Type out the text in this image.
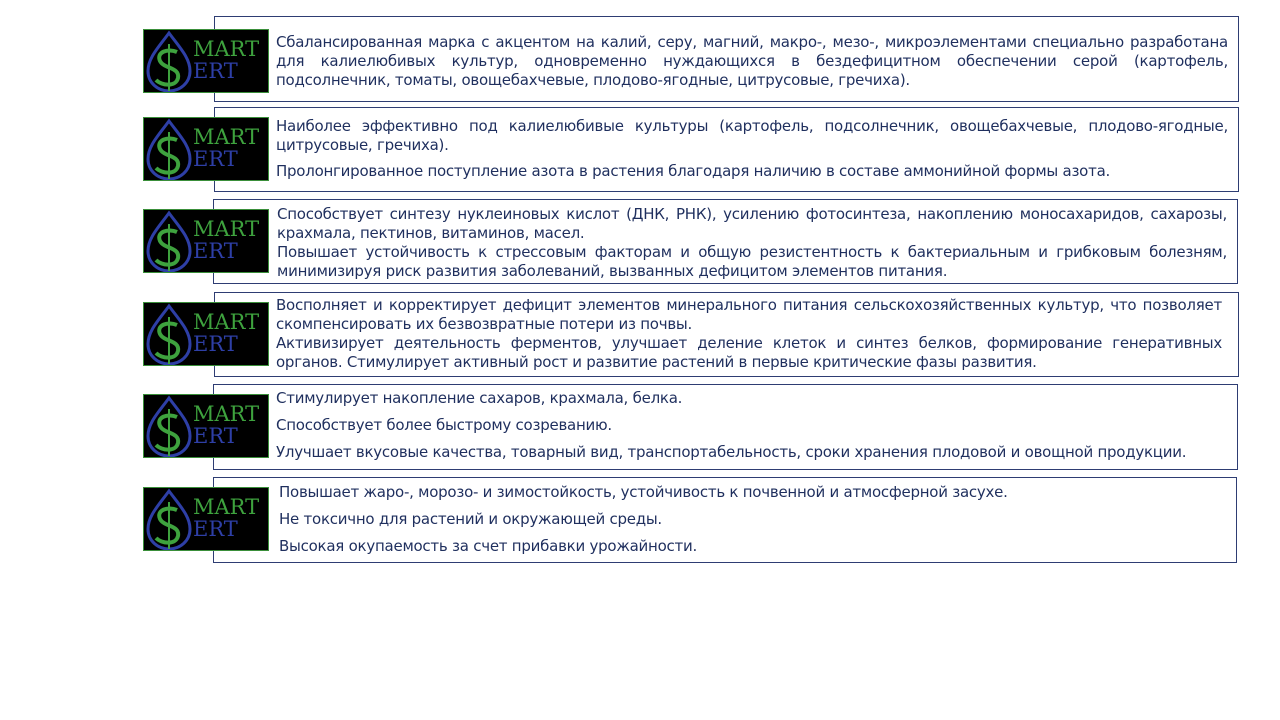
Сбалансированная марка с акцентом на калий, серу, магний, макро-, мезо-, микроэлементами специально разработана для калиелюбивых культур, одновременно нуждающихся в бездефицитном обеспечении серой (картофель, подсолнечник, томаты, овощебахчевые, плодово-ягодные, цитрусовые, гречиха).

MART
ERT

Наиболее эффективно под калиелюбивые культуры (картофель, подсолнечник, овощебахчевые, плодово-ягодные, цитрусовые, гречиха).

Пролонгированное поступление азота в растения благодаря наличию в составе аммонийной формы азота.

MART
ERT

Способствует синтезу нуклеиновых кислот (ДНК, РНК), усилению фотосинтеза, накоплению моносахаридов, сахарозы, крахмала, пектинов, витаминов, масел.

Повышает устойчивость к стрессовым факторам и общую резистентность к бактериальным и грибковым болезням, минимизируя риск развития заболеваний, вызванных дефицитом элементов питания.

MART
ERT

Восполняет и корректирует дефицит элементов минерального питания сельскохозяйственных культур, что позволяет скомпенсировать их безвозвратные потери из почвы.

Активизирует деятельность ферментов, улучшает деление клеток и синтез белков, формирование генеративных органов. Стимулирует активный рост и развитие растений в первые критические фазы развития.

MART
ERT

Стимулирует накопление сахаров, крахмала, белка.

Способствует более быстрому созреванию.

Улучшает вкусовые качества, товарный вид, транспортабельность, сроки хранения плодовой и овощной продукции.

MART
ERT

Повышает жаро-, морозо- и зимостойкость, устойчивость к почвенной и атмосферной засухе.

Не токсично для растений и окружающей среды.

Высокая окупаемость за счет прибавки урожайности.

MART
ERT
